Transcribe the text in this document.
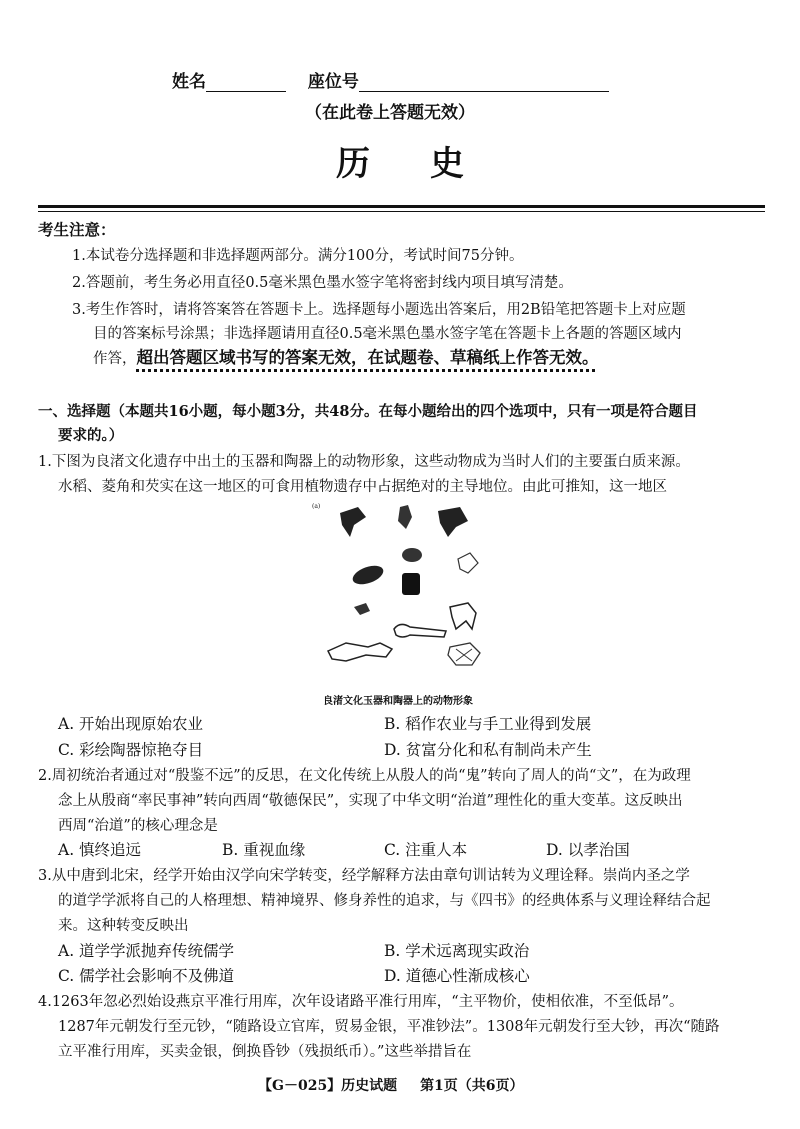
姓名	座位号
（在此卷上答题无效）
历史
考生注意：
1.本试卷分选择题和非选择题两部分。满分100分，考试时间75分钟。
2.答题前，考生务必用直径0.5毫米黑色墨水签字笔将密封线内项目填写清楚。
3.考生作答时，请将答案答在答题卡上。选择题每小题选出答案后，用2B铅笔把答题卡上对应题
目的答案标号涂黑；非选择题请用直径0.5毫米黑色墨水签字笔在答题卡上各题的答题区域内
作答，超出答题区域书写的答案无效，在试题卷、草稿纸上作答无效。
一、选择题（本题共16小题，每小题3分，共48分。在每小题给出的四个选项中，只有一项是符合题目
要求的。）
1.下图为良渚文化遗存中出土的玉器和陶器上的动物形象，这些动物成为当时人们的主要蛋白质来源。
水稻、菱角和芡实在这一地区的可食用植物遗存中占据绝对的主导地位。由此可推知，这一地区
(a)
良渚文化玉器和陶器上的动物形象
A. 开始出现原始农业	B. 稻作农业与手工业得到发展
C. 彩绘陶器惊艳夺目	D. 贫富分化和私有制尚未产生
2.周初统治者通过对“殷鉴不远”的反思，在文化传统上从殷人的尚“鬼”转向了周人的尚“文”，在为政理
念上从殷商“率民事神”转向西周“敬德保民”，实现了中华文明“治道”理性化的重大变革。这反映出
西周“治道”的核心理念是
A. 慎终追远	B. 重视血缘	C. 注重人本	D. 以孝治国
3.从中唐到北宋，经学开始由汉学向宋学转变，经学解释方法由章句训诂转为义理诠释。崇尚内圣之学
的道学学派将自己的人格理想、精神境界、修身养性的追求，与《四书》的经典体系与义理诠释结合起
来。这种转变反映出
A. 道学学派抛弃传统儒学	B. 学术远离现实政治
C. 儒学社会影响不及佛道	D. 道德心性渐成核心
4.1263年忽必烈始设燕京平准行用库，次年设诸路平准行用库，“主平物价，使相依准，不至低昂”。
1287年元朝发行至元钞，“随路设立官库，贸易金银，平准钞法”。1308年元朝发行至大钞，再次“随路
立平准行用库，买卖金银，倒换昏钞（残损纸币）。”这些举措旨在
【G－025】历史试题 第1页（共6页）
